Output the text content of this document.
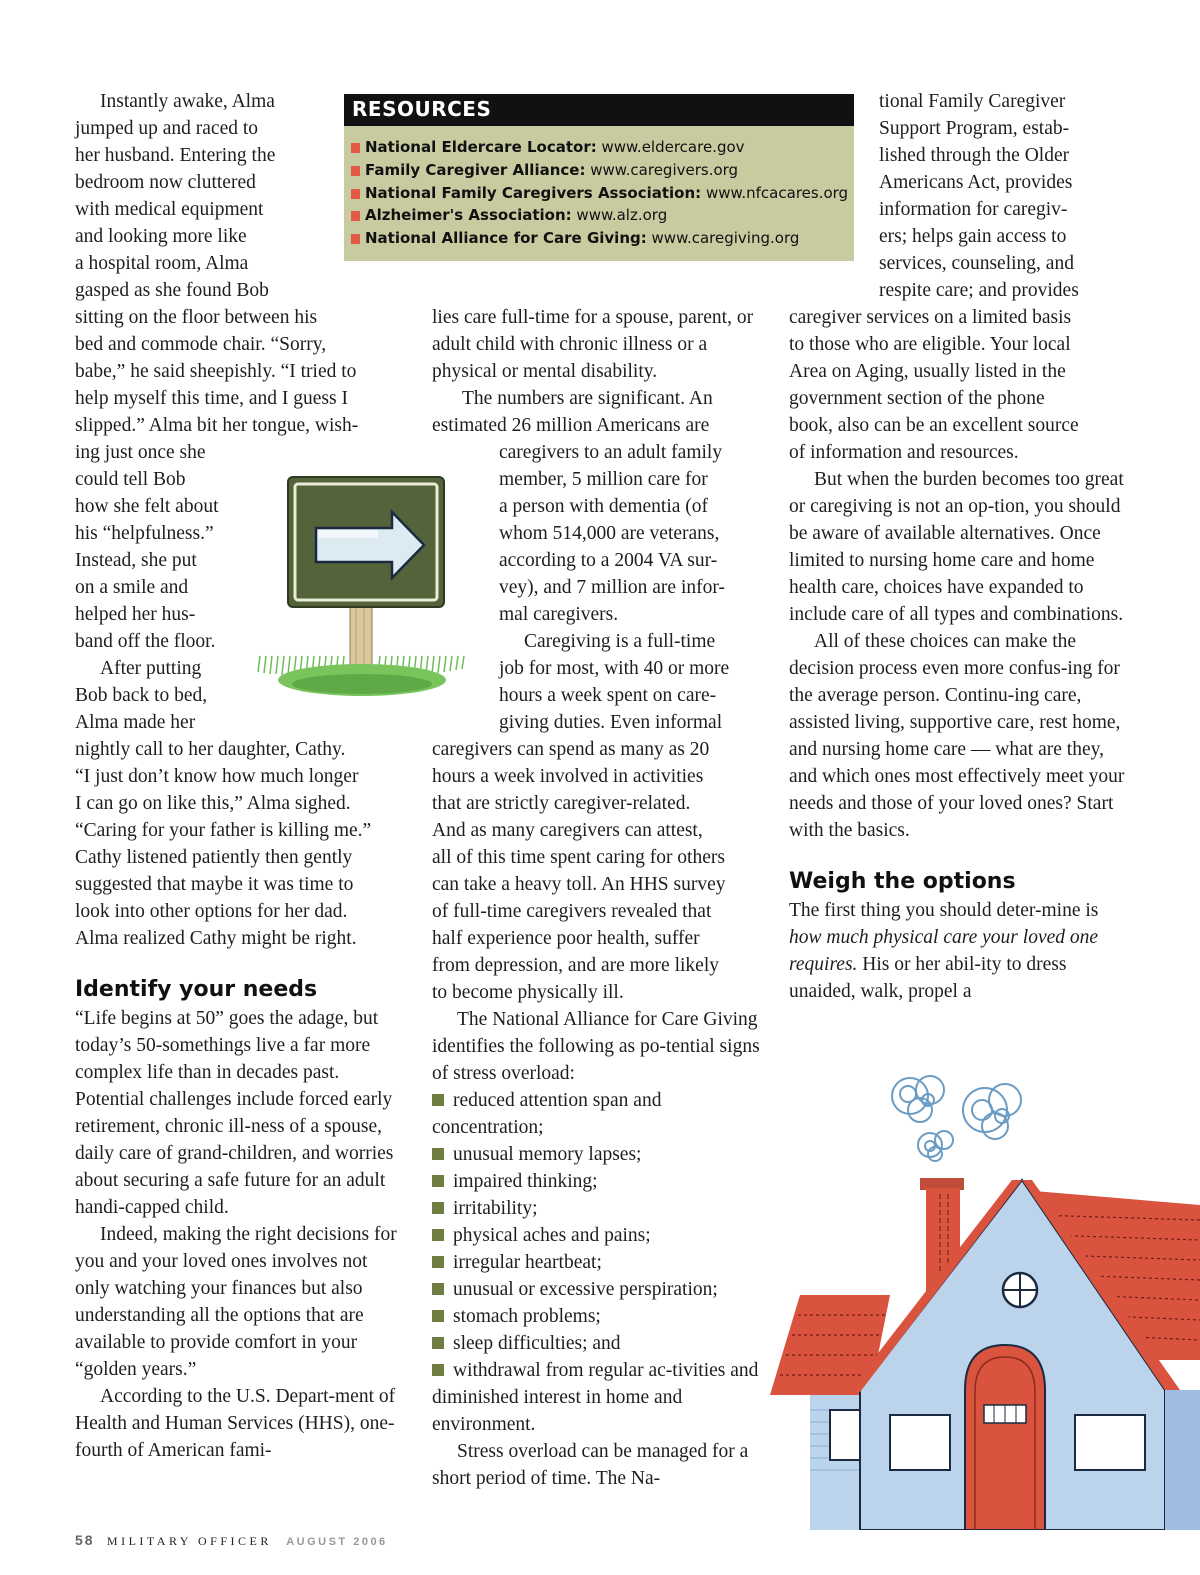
RESOURCES
National Eldercare Locator: www.eldercare.gov
Family Caregiver Alliance: www.caregivers.org
National Family Caregivers Association: www.nfcacares.org
Alzheimer's Association: www.alz.org
National Alliance for Care Giving: www.caregiving.org
Instantly awake, Alma
jumped up and raced to
her husband. Entering the
bedroom now cluttered
with medical equipment
and looking more like
a hospital room, Alma
gasped as she found Bob
sitting on the floor between his
bed and commode chair. “Sorry,
babe,” he said sheepishly. “I tried to
help myself this time, and I guess I
slipped.” Alma bit her tongue, wish-
ing just once she
could tell Bob
how she felt about
his “helpfulness.”
Instead, she put
on a smile and
helped her hus-
band off the floor.
After putting
Bob back to bed,
Alma made her
nightly call to her daughter, Cathy.
“I just don’t know how much longer
I can go on like this,” Alma sighed.
“Caring for your father is killing me.”
Cathy listened patiently then gently
suggested that maybe it was time to
look into other options for her dad.
Alma realized Cathy might be right.
Identify your needs

“Life begins at 50” goes the adage, but today’s 50-somethings live a far more complex life than in decades past. Potential challenges include forced early retirement, chronic ill-ness of a spouse, daily care of grand-children, and worries about securing a safe future for an adult handi-capped child.

Indeed, making the right decisions for you and your loved ones involves not only watching your finances but also understanding all the options that are available to provide comfort in your “golden years.”

According to the U.S. Depart-ment of Health and Human Services (HHS), one-fourth of American fami-

lies care full-time for a spouse, parent, or adult child with chronic illness or a physical or mental disability.

The numbers are significant. An
estimated 26 million Americans are
caregivers to an adult family
member, 5 million care for
a person with dementia (of
whom 514,000 are veterans,
according to a 2004 VA sur-
vey), and 7 million are infor-
mal caregivers.
Caregiving is a full-time
job for most, with 40 or more
hours a week spent on care-
giving duties. Even informal
caregivers can spend as many as 20
hours a week involved in activities
that are strictly caregiver-related.
And as many caregivers can attest,
all of this time spent caring for others
can take a heavy toll. An HHS survey
of full-time caregivers revealed that
half experience poor health, suffer
from depression, and are more likely
to become physically ill.

The National Alliance for Care Giving identifies the following as po-tential signs of stress overload:

reduced attention span and concentration;
unusual memory lapses;
impaired thinking;
irritability;
physical aches and pains;
irregular heartbeat;
unusual or excessive perspiration;
stomach problems;
sleep difficulties; and
withdrawal from regular ac-tivities and diminished interest in home and environment.

Stress overload can be managed for a short period of time. The Na-

tional Family Caregiver
Support Program, estab-
lished through the Older
Americans Act, provides
information for caregiv-
ers; helps gain access to
services, counseling, and
respite care; and provides
caregiver services on a limited basis
to those who are eligible. Your local
Area on Aging, usually listed in the
government section of the phone
book, also can be an excellent source
of information and resources.

But when the burden becomes too great or caregiving is not an op-tion, you should be aware of available alternatives. Once limited to nursing home care and home health care, choices have expanded to include care of all types and combinations.

All of these choices can make the decision process even more confus-ing for the average person. Continu-ing care, assisted living, supportive care, rest home, and nursing home care — what are they, and which ones most effectively meet your needs and those of your loved ones? Start with the basics.

Weigh the options

The first thing you should deter-mine is how much physical care your loved one requires. His or her abil-ity to dress unaided, walk, propel a

58 MILITARY OFFICER AUGUST 2006
